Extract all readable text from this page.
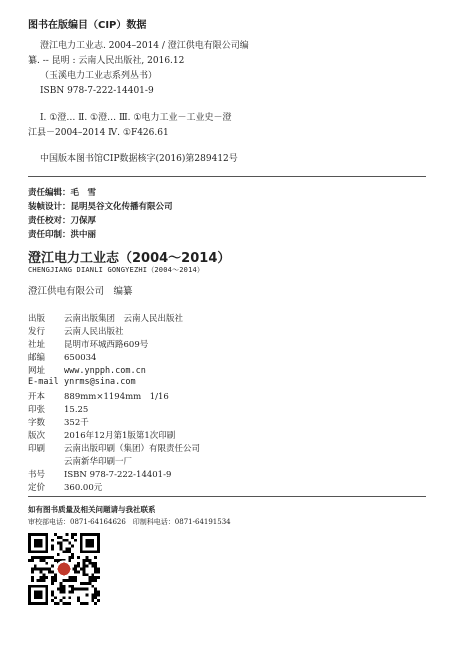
图书在版编目（CIP）数据
澄江电力工业志. 2004–2014 / 澄江供电有限公司编
纂. -- 昆明 : 云南人民出版社, 2016.12
（玉溪电力工业志系列丛书）
ISBN 978-7-222-14401-9
Ⅰ. ①澄… Ⅱ. ①澄… Ⅲ. ①电力工业－工业史－澄
江县－2004–2014 Ⅳ. ①F426.61
中国版本图书馆CIP数据核字(2016)第289412号
责任编辑：毛　雪
装帧设计：昆明昊谷文化传播有限公司
责任校对：刀保厚
责任印制：洪中丽
澄江电力工业志（2004～2014）
CHENGJIANG DIANLI GONGYEZHI（2004～2014）
澄江供电有限公司　编纂
出版 云南出版集团　云南人民出版社
发行 云南人民出版社
社址 昆明市环城西路609号
邮编 650034
网址 www.ynpph.com.cn
E-mail ynrms@sina.com
开本 889mm×1194mm　1/16
印张 15.25
字数 352千
版次 2016年12月第1版第1次印刷
印刷 云南出版印刷（集团）有限责任公司
云南新华印刷一厂
书号 ISBN 978-7-222-14401-9
定价 360.00元
如有图书质量及相关问题请与我社联系
审校部电话：0871-64164626　印制科电话：0871-64191534
